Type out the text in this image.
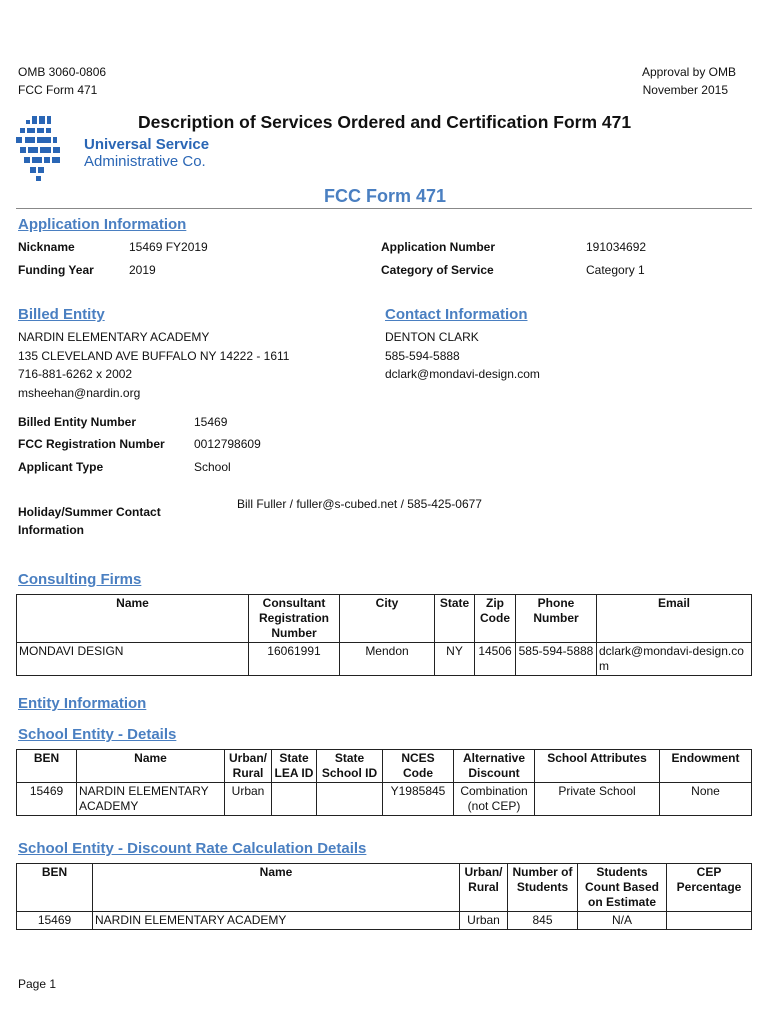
OMB 3060-0806
FCC Form 471
Approval by OMB
November 2015
Universal Service
Administrative Co.
Description of Services Ordered and Certification Form 471
FCC Form 471
Application Information
Nickname	15469 FY2019	Application Number	191034692
Funding Year	2019	Category of Service	Category 1
Billed Entity
NARDIN ELEMENTARY ACADEMY
135 CLEVELAND AVE BUFFALO NY 14222 - 1611
716-881-6262 x 2002
msheehan@nardin.org
Contact Information
DENTON CLARK
585-594-5888
dclark@mondavi-design.com
Billed Entity Number	15469
FCC Registration Number 0012798609
Applicant Type	School
Holiday/Summer Contact
Information
Bill Fuller / fuller@s-cubed.net / 585-425-0677
Consulting Firms
Name	Consultant Registration Number	City	State	Zip Code	Phone Number	Email
MONDAVI DESIGN	16061991	Mendon	NY	14506	585-594-5888	dclark@mondavi-design.com
Entity Information
School Entity - Details
BEN	Name	Urban/ Rural	State LEA ID	State School ID	NCES Code	Alternative Discount	School Attributes	Endowment
15469	NARDIN ELEMENTARY ACADEMY	Urban			Y1985845	Combination (not CEP)	Private School	None
School Entity - Discount Rate Calculation Details
BEN	Name	Urban/ Rural	Number of Students	Students Count Based on Estimate	CEP Percentage
15469	NARDIN ELEMENTARY ACADEMY	Urban	845	N/A	
Page 1
